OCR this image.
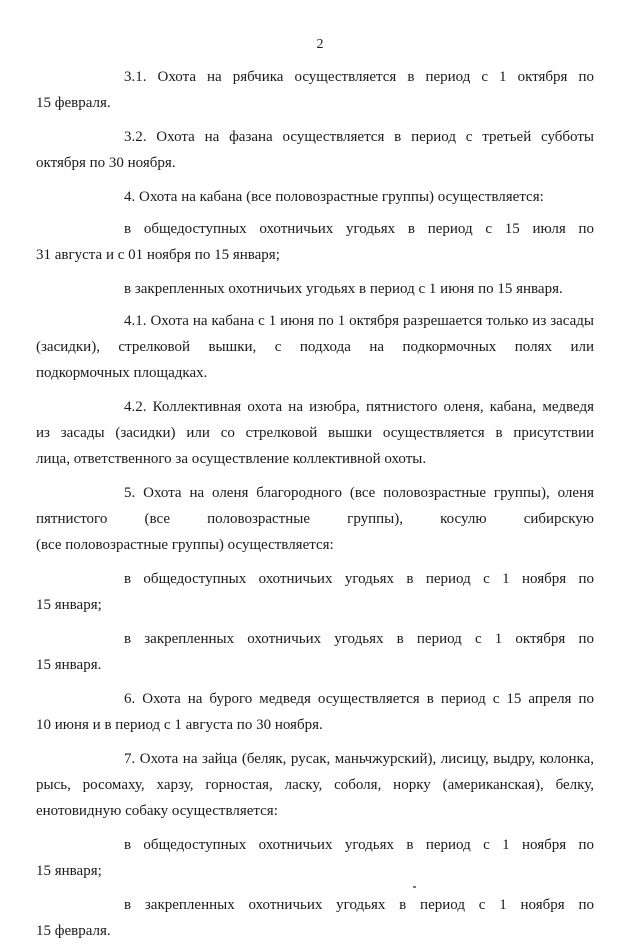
2
3.1. Охота на рябчика осуществляется в период с 1 октября по
15 февраля.
3.2. Охота на фазана осуществляется в период с третьей субботы
октября по 30 ноября.
4. Охота на кабана (все половозрастные группы) осуществляется:
в общедоступных охотничьих угодьях в период с 15 июля по
31 августа и с 01 ноября по 15 января;
в закрепленных охотничьих угодьях в период с 1 июня по 15 января.
4.1. Охота на кабана с 1 июня по 1 октября разрешается только из засады
(засидки), стрелковой вышки, с подхода на подкормочных полях или
подкормочных площадках.
4.2. Коллективная охота на изюбра, пятнистого оленя, кабана, медведя
из засады (засидки) или со стрелковой вышки осуществляется в присутствии
лица, ответственного за осуществление коллективной охоты.
5. Охота на оленя благородного (все половозрастные группы), оленя
пятнистого (все половозрастные группы), косулю сибирскую
(все половозрастные группы) осуществляется:
в общедоступных охотничьих угодьях в период с 1 ноября по
15 января;
в закрепленных охотничьих угодьях в период с 1 октября по
15 января.
6. Охота на бурого медведя осуществляется в период с 15 апреля по
10 июня и в период с 1 августа по 30 ноября.
7. Охота на зайца (беляк, русак, маньчжурский), лисицу, выдру, колонка,
рысь, росомаху, харзу, горностая, ласку, соболя, норку (американская), белку,
енотовидную собаку осуществляется:
в общедоступных охотничьих угодьях в период с 1 ноября по
15 января;
в закрепленных охотничьих угодьях в период с 1 ноября по
15 февраля.
